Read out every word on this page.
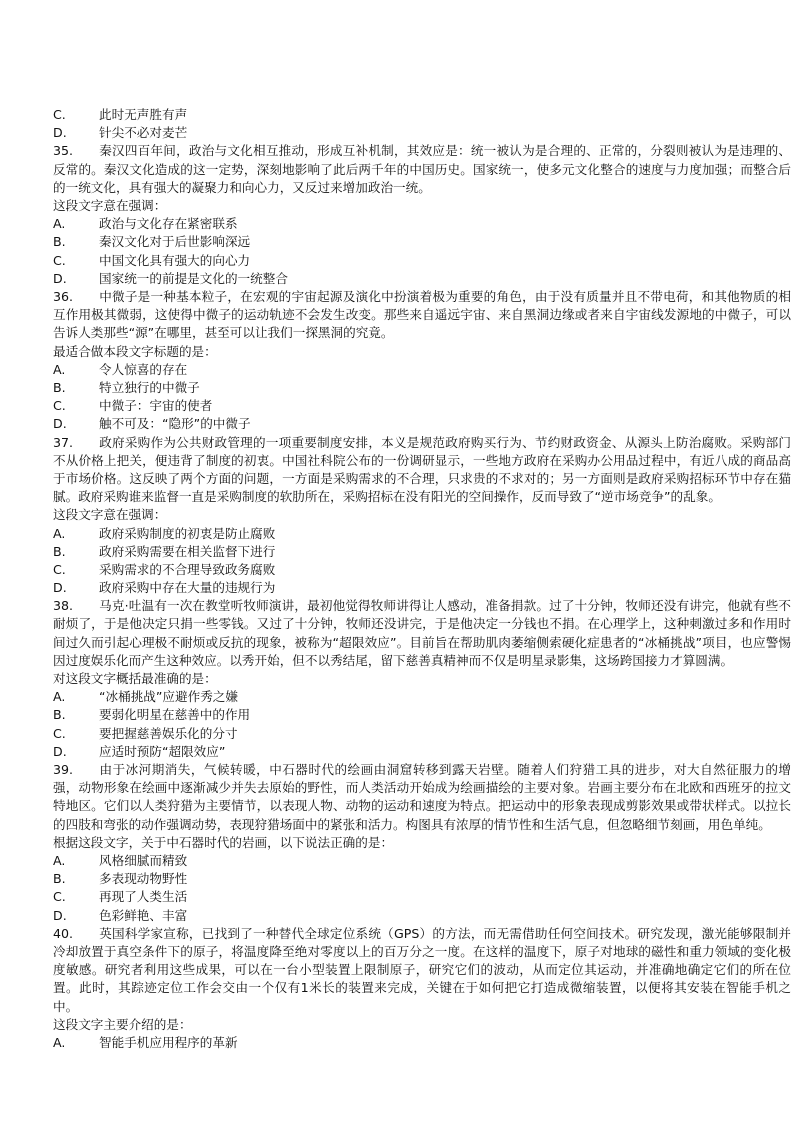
C.	此时无声胜有声
D.	针尖不必对麦芒
35. 秦汉四百年间，政治与文化相互推动，形成互补机制，其效应是：统一被认为是合理的、正常的，分裂则被认为是违理的、反常的。秦汉文化造成的这一定势，深刻地影响了此后两千年的中国历史。国家统一，使多元文化整合的速度与力度加强；而整合后的一统文化，具有强大的凝聚力和向心力，又反过来增加政治一统。
这段文字意在强调：
A.	政治与文化存在紧密联系
B.	秦汉文化对于后世影响深远
C.	中国文化具有强大的向心力
D.	国家统一的前提是文化的一统整合
36. 中微子是一种基本粒子，在宏观的宇宙起源及演化中扮演着极为重要的角色，由于没有质量并且不带电荷，和其他物质的相互作用极其微弱，这使得中微子的运动轨迹不会发生改变。那些来自遥远宇宙、来自黑洞边缘或者来自宇宙线发源地的中微子，可以告诉人类那些“源”在哪里，甚至可以让我们一探黑洞的究竟。
最适合做本段文字标题的是：
A.	令人惊喜的存在
B.	特立独行的中微子
C.	中微子：宇宙的使者
D.	触不可及：“隐形”的中微子
37. 政府采购作为公共财政管理的一项重要制度安排，本义是规范政府购买行为、节约财政资金、从源头上防治腐败。采购部门不从价格上把关，便违背了制度的初衷。中国社科院公布的一份调研显示，一些地方政府在采购办公用品过程中，有近八成的商品高于市场价格。这反映了两个方面的问题，一方面是采购需求的不合理，只求贵的不求对的；另一方面则是政府采购招标环节中存在猫腻。政府采购谁来监督一直是采购制度的软肋所在，采购招标在没有阳光的空间操作，反而导致了“逆市场竞争”的乱象。
这段文字意在强调：
A.	政府采购制度的初衷是防止腐败
B.	政府采购需要在相关监督下进行
C.	采购需求的不合理导致政务腐败
D.	政府采购中存在大量的违规行为
38. 马克·吐温有一次在教堂听牧师演讲，最初他觉得牧师讲得让人感动，准备捐款。过了十分钟，牧师还没有讲完，他就有些不耐烦了，于是他决定只捐一些零钱。又过了十分钟，牧师还没讲完，于是他决定一分钱也不捐。在心理学上，这种刺激过多和作用时间过久而引起心理极不耐烦或反抗的现象，被称为“超限效应”。目前旨在帮助肌肉萎缩侧索硬化症患者的“冰桶挑战”项目，也应警惕因过度娱乐化而产生这种效应。以秀开始，但不以秀结尾，留下慈善真精神而不仅是明星录影集，这场跨国接力才算圆满。
对这段文字概括最准确的是：
A.	“冰桶挑战”应避作秀之嫌
B.	要弱化明星在慈善中的作用
C.	要把握慈善娱乐化的分寸
D.	应适时预防“超限效应”
39. 由于冰河期消失，气候转暖，中石器时代的绘画由洞窟转移到露天岩壁。随着人们狩猎工具的进步，对大自然征服力的增强，动物形象在绘画中逐渐减少并失去原始的野性，而人类活动开始成为绘画描绘的主要对象。岩画主要分布在北欧和西班牙的拉文特地区。它们以人类狩猎为主要情节，以表现人物、动物的运动和速度为特点。把运动中的形象表现成剪影效果或带状样式。以拉长的四肢和弯张的动作强调动势，表现狩猎场面中的紧张和活力。构图具有浓厚的情节性和生活气息，但忽略细节刻画，用色单纯。
根据这段文字，关于中石器时代的岩画，以下说法正确的是：
A.	风格细腻而精致
B.	多表现动物野性
C.	再现了人类生活
D.	色彩鲜艳、丰富
40. 英国科学家宣称，已找到了一种替代全球定位系统（GPS）的方法，而无需借助任何空间技术。研究发现，激光能够限制并冷却放置于真空条件下的原子，将温度降至绝对零度以上的百万分之一度。在这样的温度下，原子对地球的磁性和重力领域的变化极度敏感。研究者利用这些成果，可以在一台小型装置上限制原子，研究它们的波动，从而定位其运动，并准确地确定它们的所在位置。此时，其踪迹定位工作会交由一个仅有1米长的装置来完成，关键在于如何把它打造成微缩装置，以便将其安装在智能手机之中。
这段文字主要介绍的是：
A.	智能手机应用程序的革新
